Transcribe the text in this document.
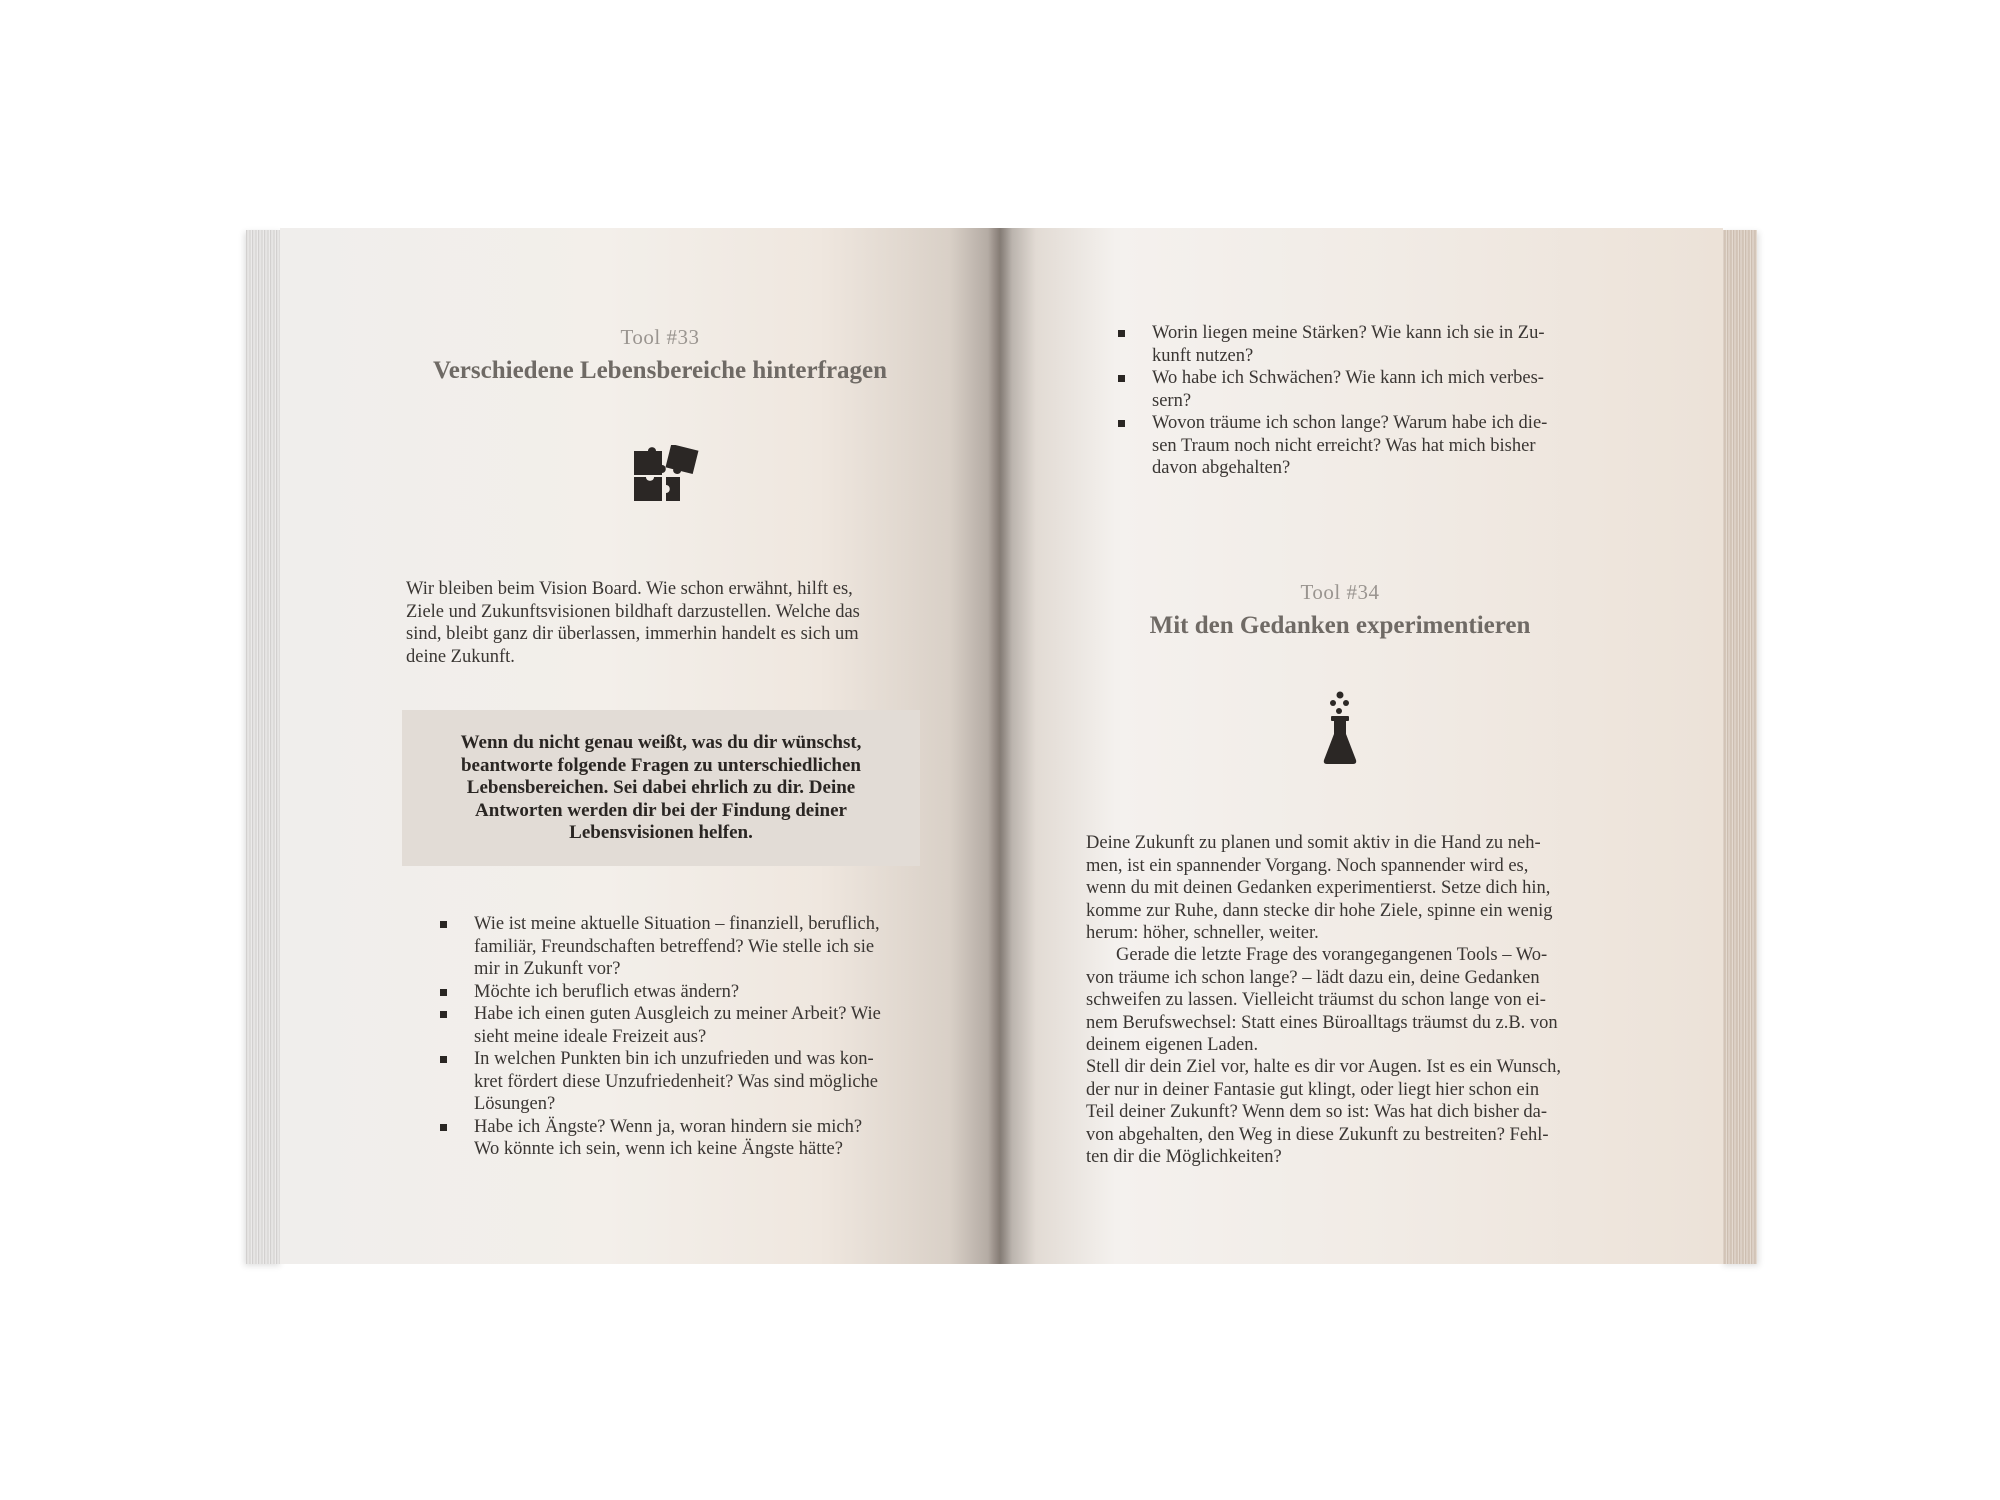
Tool #33
Verschiedene Lebensbereiche hinterfragen
Wir bleiben beim Vision Board. Wie schon erwähnt, hilft es,
Ziele und Zukunftsvisionen bildhaft darzustellen. Welche das
sind, bleibt ganz dir überlassen, immerhin handelt es sich um
deine Zukunft.

Wenn du nicht genau weißt, was du dir wünschst,

beantworte folgende Fragen zu unterschiedlichen

Lebensbereichen. Sei dabei ehrlich zu dir. Deine

Antworten werden dir bei der Findung deiner

Lebensvisionen helfen.

Wie ist meine aktuelle Situation – finanziell, beruflich,
familiär, Freundschaften betreffend? Wie stelle ich sie
mir in Zukunft vor?
Möchte ich beruflich etwas ändern?
Habe ich einen guten Ausgleich zu meiner Arbeit? Wie
sieht meine ideale Freizeit aus?
In welchen Punkten bin ich unzufrieden und was kon-
kret fördert diese Unzufriedenheit? Was sind mögliche
Lösungen?
Habe ich Ängste? Wenn ja, woran hindern sie mich?
Wo könnte ich sein, wenn ich keine Ängste hätte?
Worin liegen meine Stärken? Wie kann ich sie in Zu-
kunft nutzen?
Wo habe ich Schwächen? Wie kann ich mich verbes-
sern?
Wovon träume ich schon lange? Warum habe ich die-
sen Traum noch nicht erreicht? Was hat mich bisher
davon abgehalten?
Tool #34
Mit den Gedanken experimentieren
Deine Zukunft zu planen und somit aktiv in die Hand zu neh-
men, ist ein spannender Vorgang. Noch spannender wird es,
wenn du mit deinen Gedanken experimentierst. Setze dich hin,
komme zur Ruhe, dann stecke dir hohe Ziele, spinne ein wenig
herum: höher, schneller, weiter.
Gerade die letzte Frage des vorangegangenen Tools – Wo-
von träume ich schon lange? – lädt dazu ein, deine Gedanken
schweifen zu lassen. Vielleicht träumst du schon lange von ei-
nem Berufswechsel: Statt eines Büroalltags träumst du z.B. von
deinem eigenen Laden.
Stell dir dein Ziel vor, halte es dir vor Augen. Ist es ein Wunsch,
der nur in deiner Fantasie gut klingt, oder liegt hier schon ein
Teil deiner Zukunft? Wenn dem so ist: Was hat dich bisher da-
von abgehalten, den Weg in diese Zukunft zu bestreiten? Fehl-
ten dir die Möglichkeiten?
